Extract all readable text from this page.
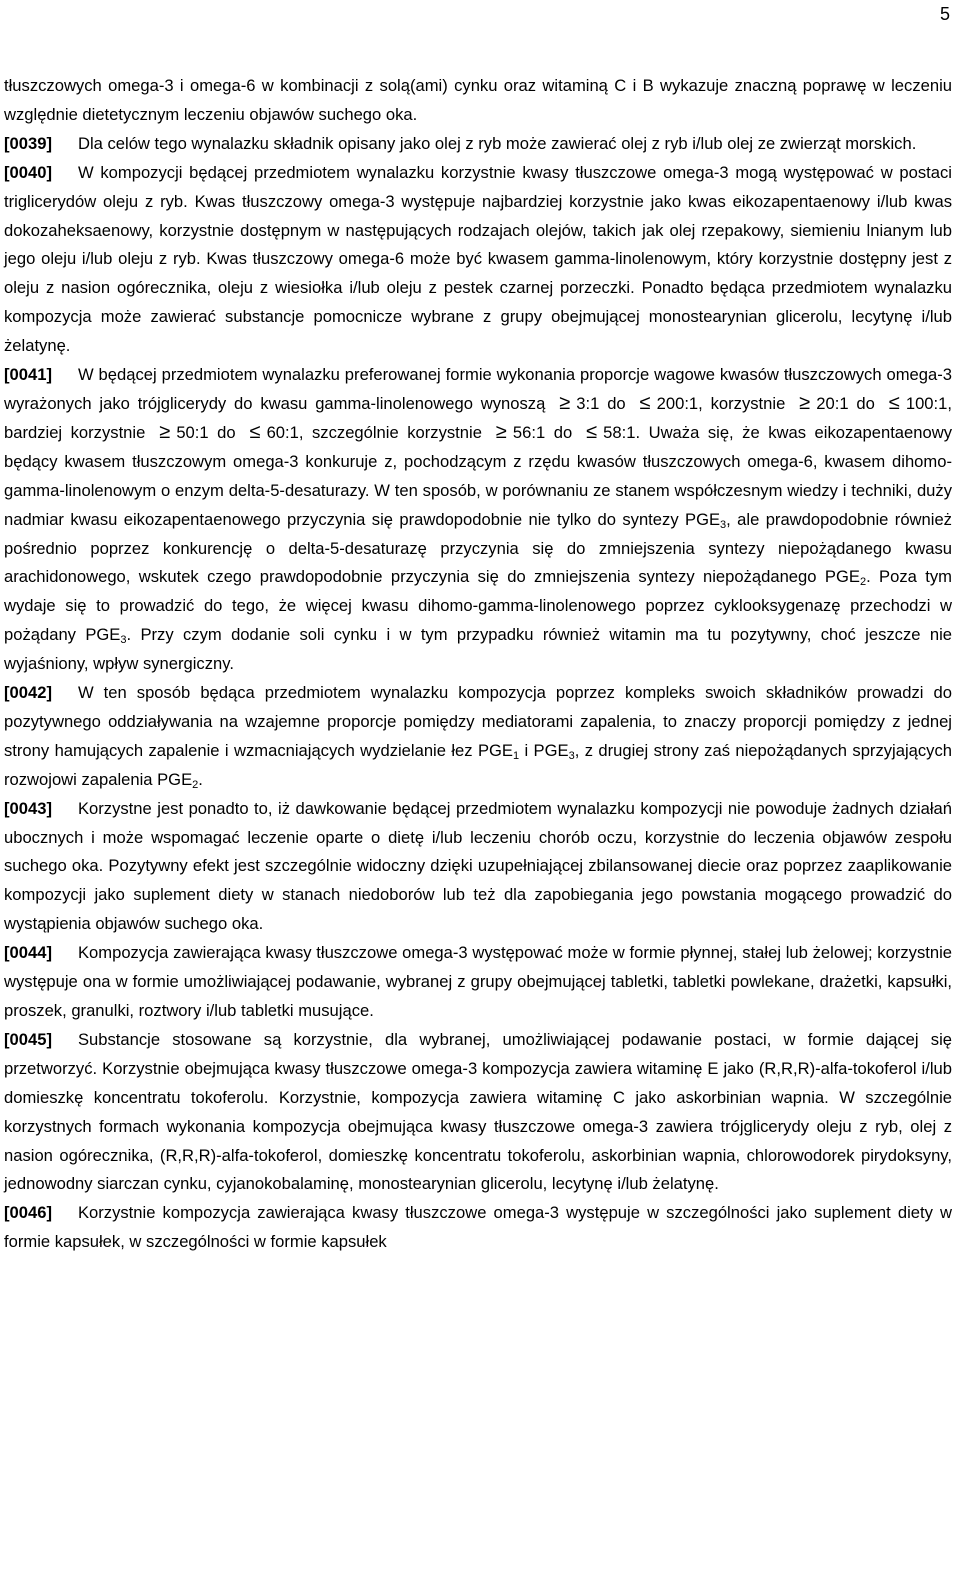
5

tłuszczowych omega-3 i omega-6 w kombinacji z solą(ami) cynku oraz witaminą C i B wykazuje znaczną poprawę w leczeniu względnie dietetycznym leczeniu objawów suchego oka.

[0039] Dla celów tego wynalazku składnik opisany jako olej z ryb może zawierać olej z ryb i/lub olej ze zwierząt morskich.

[0040] W kompozycji będącej przedmiotem wynalazku korzystnie kwasy tłuszczowe omega-3 mogą występować w postaci triglicerydów oleju z ryb. Kwas tłuszczowy omega-3 występuje najbardziej korzystnie jako kwas eikozapentaenowy i/lub kwas dokozaheksaenowy, korzystnie dostępnym w następujących rodzajach olejów, takich jak olej rzepakowy, siemieniu lnianym lub jego oleju i/lub oleju z ryb. Kwas tłuszczowy omega-6 może być kwasem gamma-linolenowym, który korzystnie dostępny jest z oleju z nasion ogórecznika, oleju z wiesiołka i/lub oleju z pestek czarnej porzeczki. Ponadto będąca przedmiotem wynalazku kompozycja może zawierać substancje pomocnicze wybrane z grupy obejmującej monostearynian glicerolu, lecytynę i/lub żelatynę.

[0041] W będącej przedmiotem wynalazku preferowanej formie wykonania proporcje wagowe kwasów tłuszczowych omega-3 wyrażonych jako trójglicerydy do kwasu gamma-linolenowego wynoszą ≥ 3:1 do ≤ 200:1, korzystnie ≥ 20:1 do ≤ 100:1, bardziej korzystnie ≥ 50:1 do ≤ 60:1, szczególnie korzystnie ≥ 56:1 do ≤ 58:1. Uważa się, że kwas eikozapentaenowy będący kwasem tłuszczowym omega-3 konkuruje z, pochodzącym z rzędu kwasów tłuszczowych omega-6, kwasem dihomo-gamma-linolenowym o enzym delta-5-desaturazy. W ten sposób, w porównaniu ze stanem współczesnym wiedzy i techniki, duży nadmiar kwasu eikozapentaenowego przyczynia się prawdopodobnie nie tylko do syntezy $PGE_3$, ale prawdopodobnie również pośrednio poprzez konkurencję o delta-5-desaturazę przyczynia się do zmniejszenia syntezy niepożądanego kwasu arachidonowego, wskutek czego prawdopodobnie przyczynia się do zmniejszenia syntezy niepożądanego $PGE_2$. Poza tym wydaje się to prowadzić do tego, że więcej kwasu dihomo-gamma-linolenowego poprzez cyklooksygenazę przechodzi w pożądany $PGE_3$. Przy czym dodanie soli cynku i w tym przypadku również witamin ma tu pozytywny, choć jeszcze nie wyjaśniony, wpływ synergiczny.

[0042] W ten sposób będąca przedmiotem wynalazku kompozycja poprzez kompleks swoich składników prowadzi do pozytywnego oddziaływania na wzajemne proporcje pomiędzy mediatorami zapalenia, to znaczy proporcji pomiędzy z jednej strony hamujących zapalenie i wzmacniających wydzielanie łez $PGE_1$ i $PGE_3$, z drugiej strony zaś niepożądanych sprzyjających rozwojowi zapalenia $PGE_2$.

[0043] Korzystne jest ponadto to, iż dawkowanie będącej przedmiotem wynalazku kompozycji nie powoduje żadnych działań ubocznych i może wspomagać leczenie oparte o dietę i/lub leczeniu chorób oczu, korzystnie do leczenia objawów zespołu suchego oka. Pozytywny efekt jest szczególnie widoczny dzięki uzupełniającej zbilansowanej diecie oraz poprzez zaaplikowanie kompozycji jako suplement diety w stanach niedoborów lub też dla zapobiegania jego powstania mogącego prowadzić do wystąpienia objawów suchego oka.

[0044] Kompozycja zawierająca kwasy tłuszczowe omega-3 występować może w formie płynnej, stałej lub żelowej; korzystnie występuje ona w formie umożliwiającej podawanie, wybranej z grupy obejmującej tabletki, tabletki powlekane, drażetki, kapsułki, proszek, granulki, roztwory i/lub tabletki musujące.

[0045] Substancje stosowane są korzystnie, dla wybranej, umożliwiającej podawanie postaci, w formie dającej się przetworzyć. Korzystnie obejmująca kwasy tłuszczowe omega-3 kompozycja zawiera witaminę E jako (R,R,R)-alfa-tokoferol i/lub domieszkę koncentratu tokoferolu. Korzystnie, kompozycja zawiera witaminę C jako askorbinian wapnia. W szczególnie korzystnych formach wykonania kompozycja obejmująca kwasy tłuszczowe omega-3 zawiera trójglicerydy oleju z ryb, olej z nasion ogórecznika, (R,R,R)-alfa-tokoferol, domieszkę koncentratu tokoferolu, askorbinian wapnia, chlorowodorek pirydoksyny, jednowodny siarczan cynku, cyjanokobalaminę, monostearynian glicerolu, lecytynę i/lub żelatynę.

[0046] Korzystnie kompozycja zawierająca kwasy tłuszczowe omega-3 występuje w szczególności jako suplement diety w formie kapsułek, w szczególności w formie kapsułek
